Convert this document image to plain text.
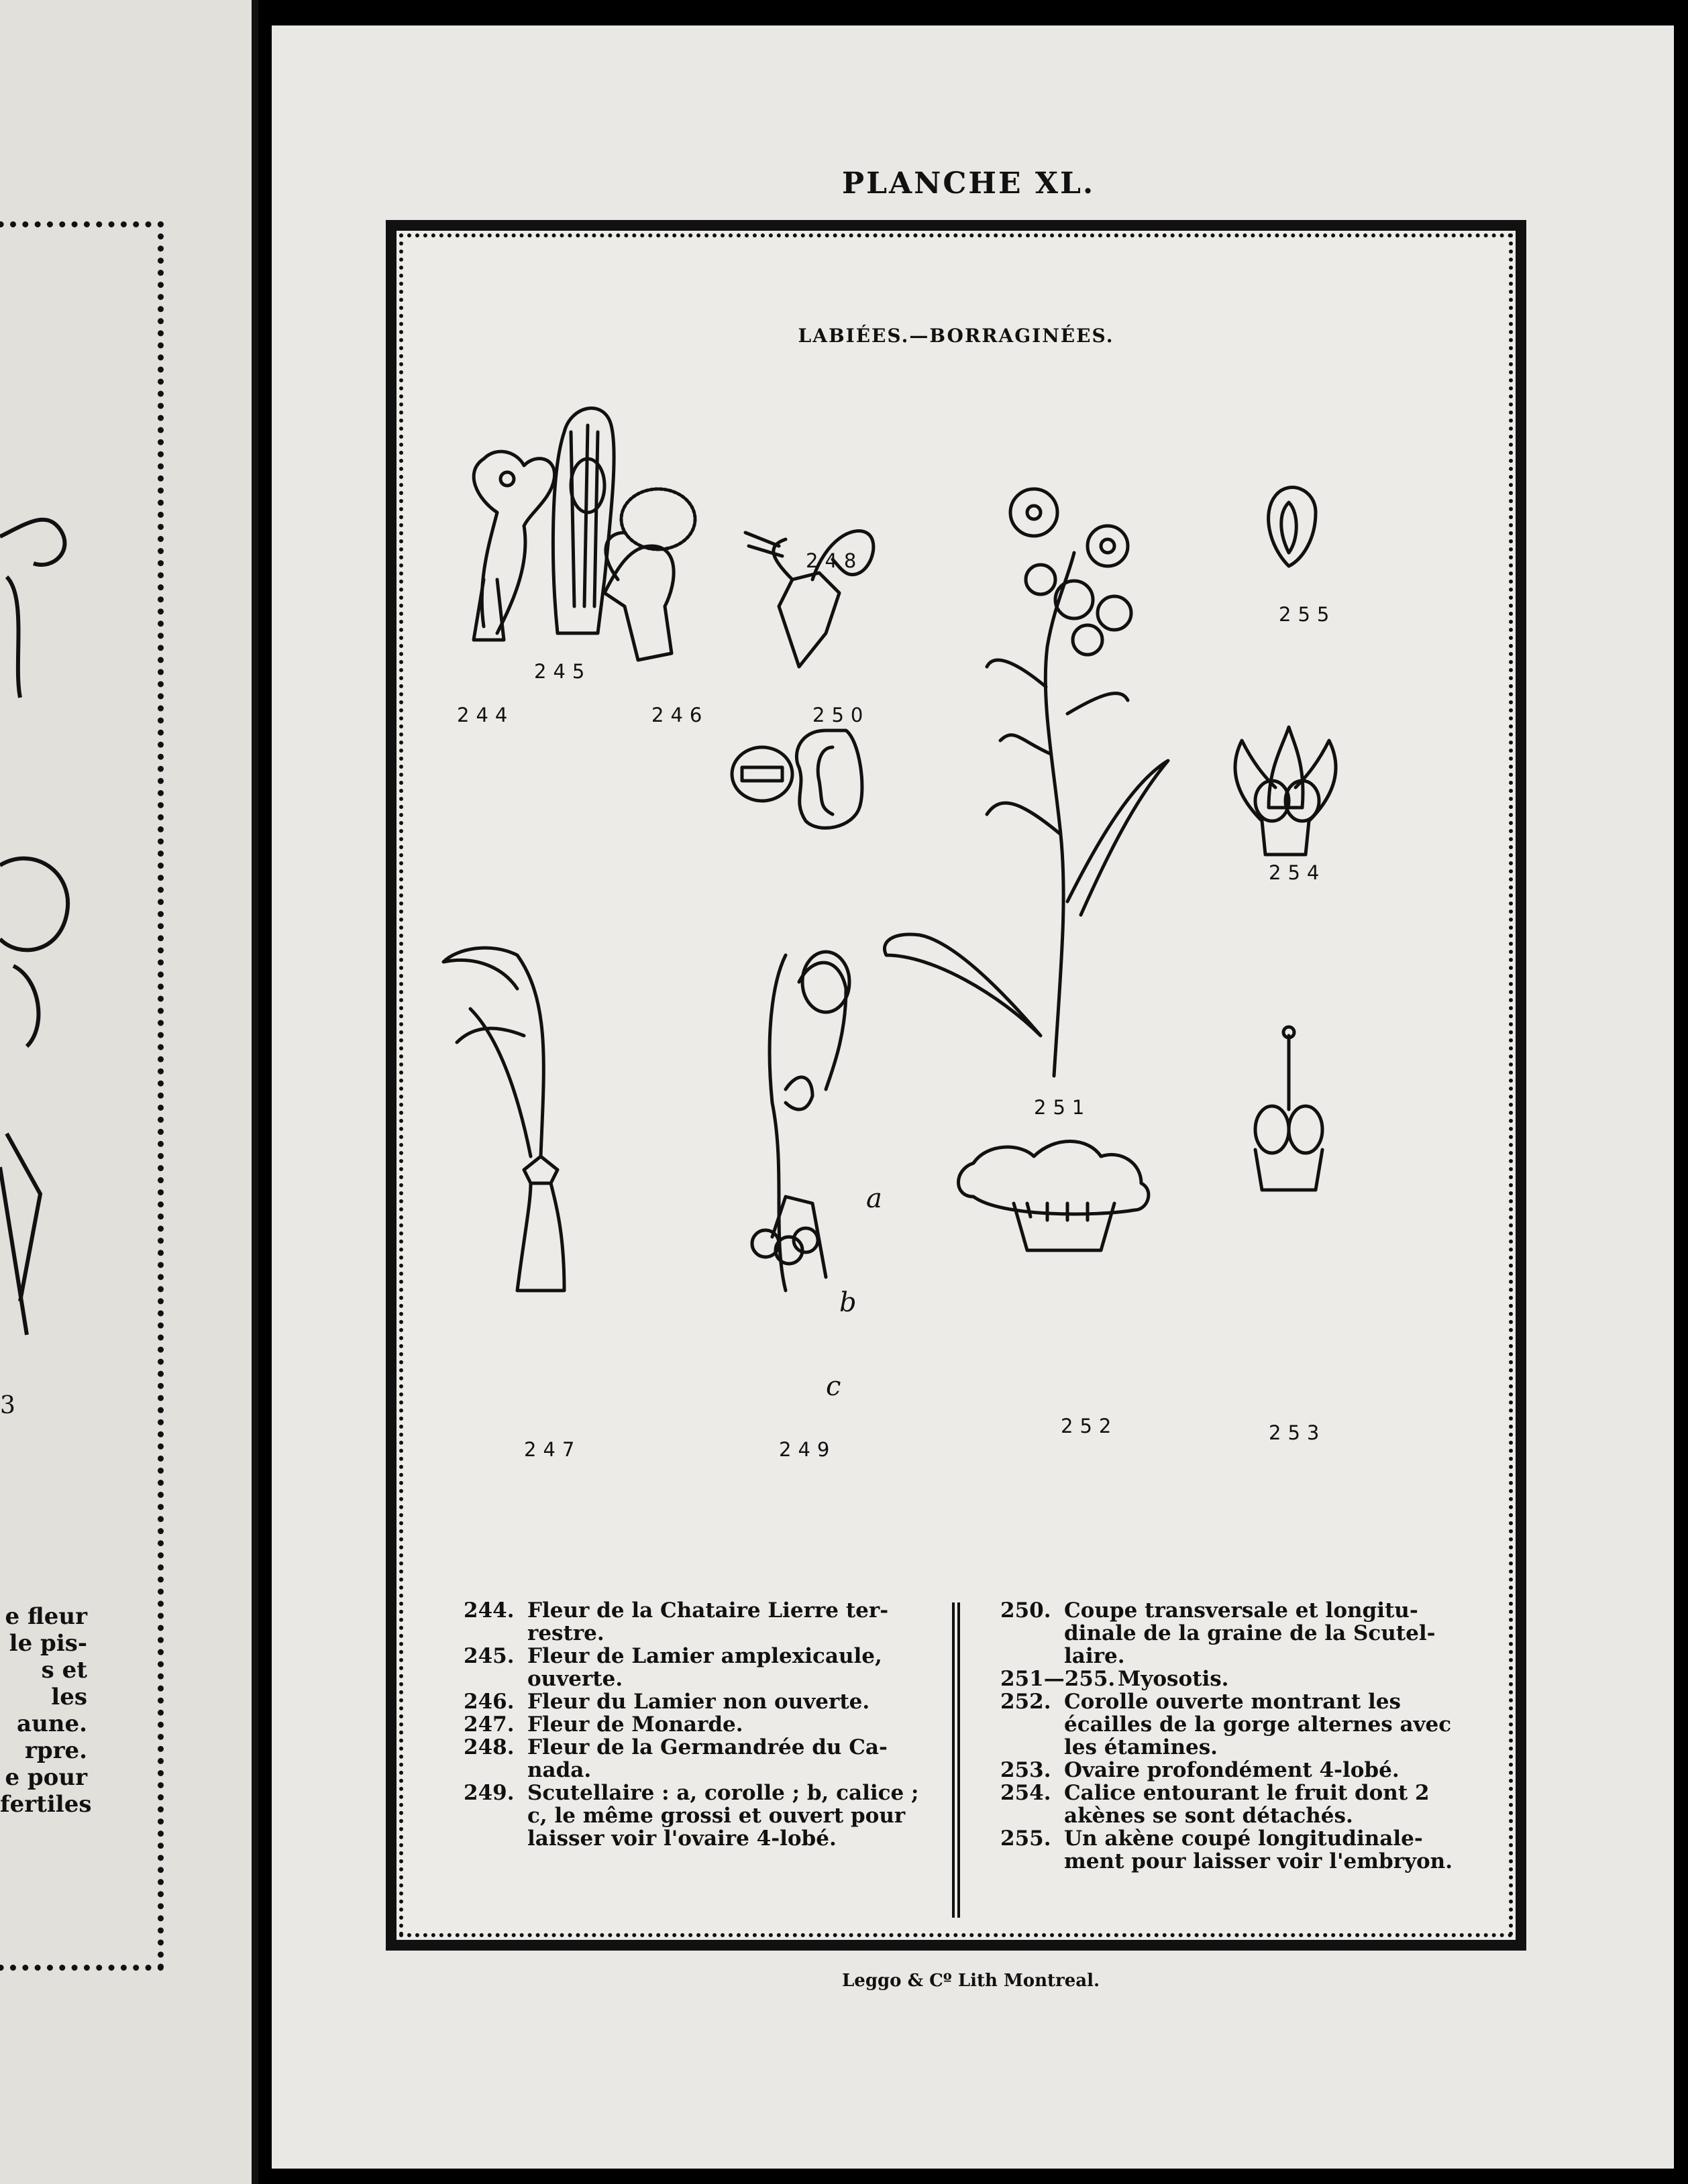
3
e fleur
le pis-
s et les
aune.
rpre.
e pour
fertiles
PLANCHE XL.
LABIÉES.—BORRAGINÉES.
245
244	246	250
248
255
254
251
247	249
252	253
a
b
c
244. Fleur de la Chataire Lierre ter-restre.
245. Fleur de Lamier amplexicaule, ouverte.
246. Fleur du Lamier non ouverte.
247. Fleur de Monarde.
248. Fleur de la Germandrée du Ca-nada.
249. Scutellaire : a, corolle ; b, calice ; c, le même grossi et ouvert pour laisser voir l'ovaire 4-lobé.
250. Coupe transversale et longitu-dinale de la graine de la Scutel-laire.
251—255. Myosotis.
252. Corolle ouverte montrant les écailles de la gorge alternes avec les étamines.
253. Ovaire profondément 4-lobé.
254. Calice entourant le fruit dont 2 akènes se sont détachés.
255. Un akène coupé longitudinale-ment pour laisser voir l'embryon.
Leggo & Cº Lith Montreal.
